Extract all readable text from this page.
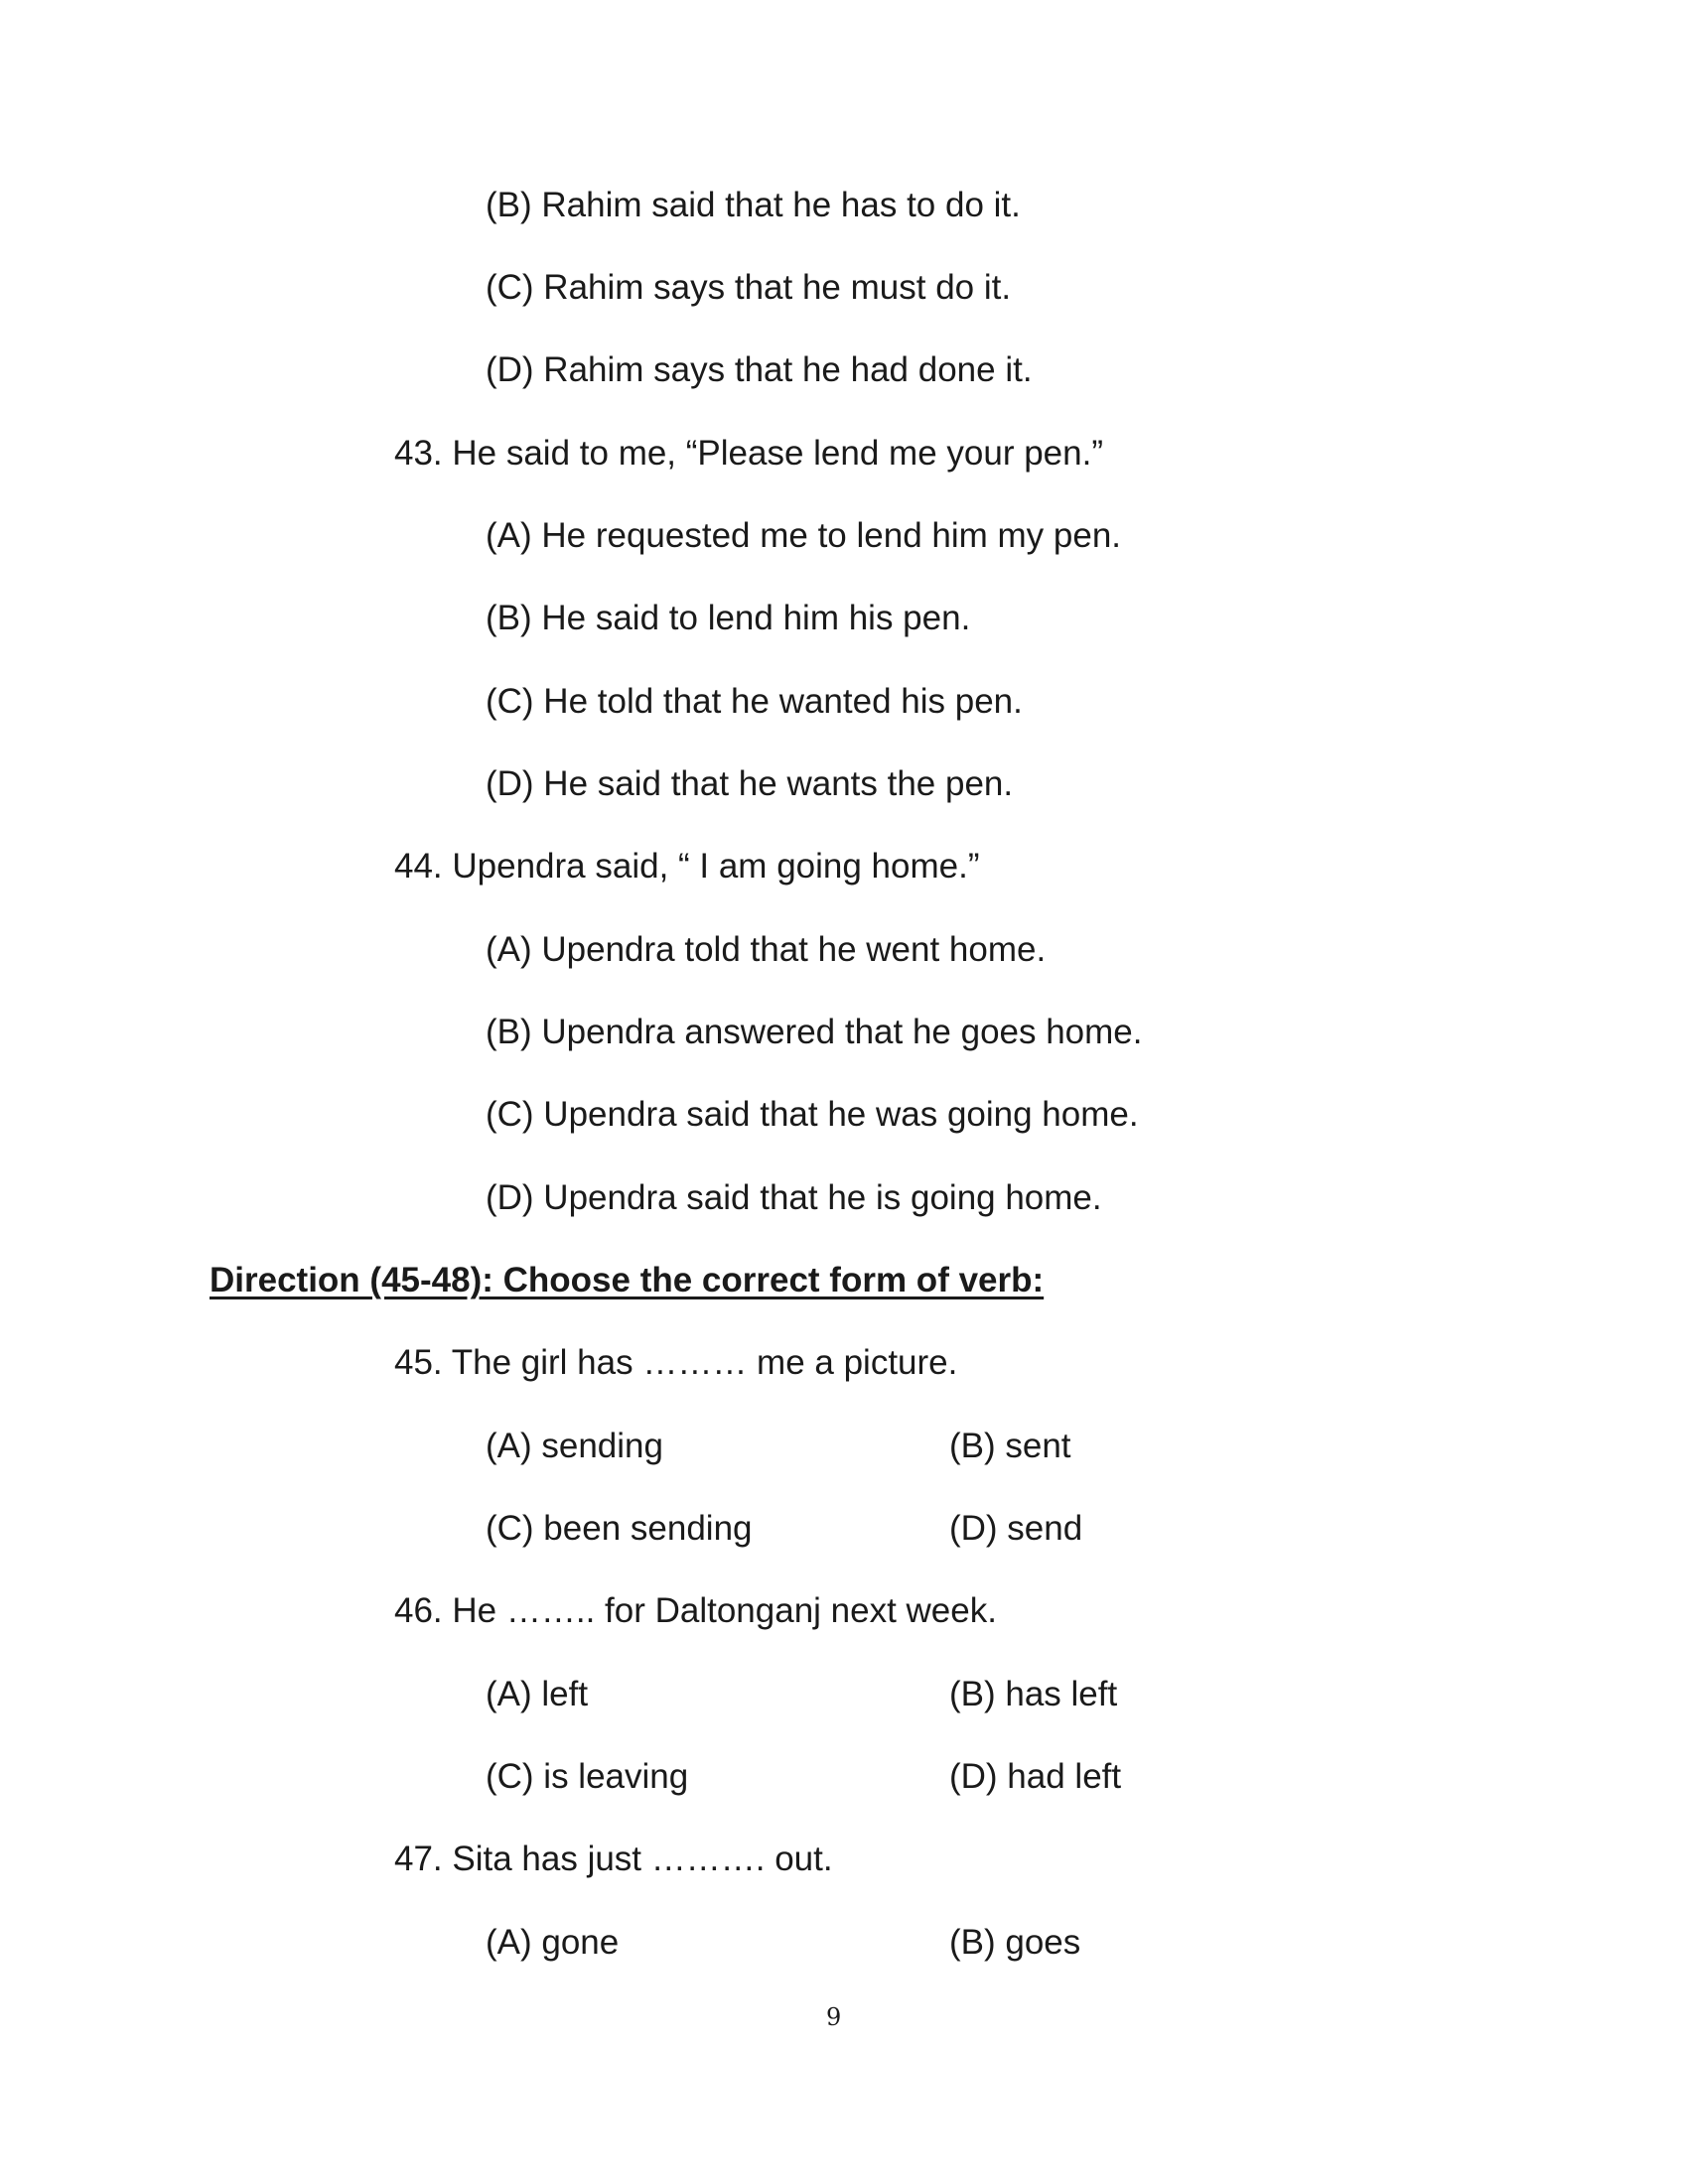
(B) Rahim said that he has to do it.
(C) Rahim says that he must do it.
(D) Rahim says that he had done it.
43. He said to me, “Please lend me your pen.”
(A) He requested me to lend him my pen.
(B) He said to lend him his pen.
(C) He told that he wanted his pen.
(D) He said that he wants the pen.
44. Upendra said, “ I am going home.”
(A) Upendra told that he went home.
(B) Upendra answered that he goes home.
(C) Upendra said that he was going home.
(D) Upendra said that he is going home.
Direction (45-48): Choose the correct form of verb:
45. The girl has ……… me a picture.
(A) sending	(B) sent
(C) been sending	(D) send
46. He …….. for Daltonganj next week.
(A) left	(B) has left
(C) is leaving	(D) had left
47. Sita has just ………. out.
(A) gone	(B) goes
9
